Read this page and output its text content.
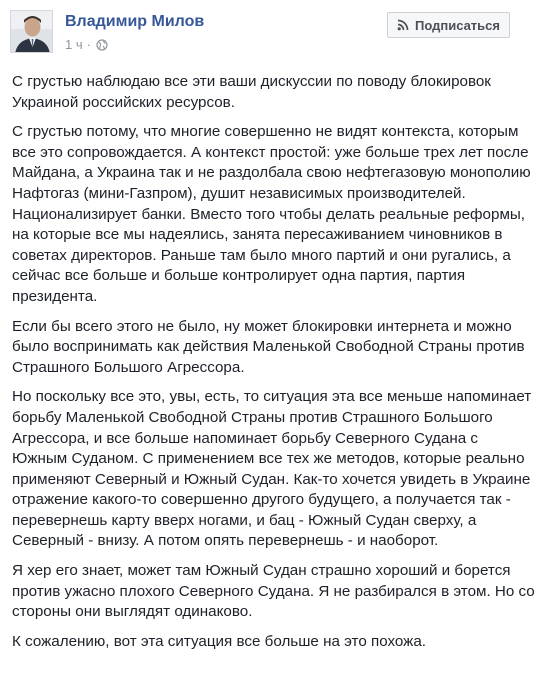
Владимир Милов
1 ч ·
Подписаться

С грустью наблюдаю все эти ваши дискуссии по поводу блокировок Украиной российских ресурсов.

С грустью потому, что многие совершенно не видят контекста, которым все это сопровождается. А контекст простой: уже больше трех лет после Майдана, а Украина так и не раздолбала свою нефтегазовую монополию Нафтогаз (мини-Газпром), душит независимых производителей. Национализирует банки. Вместо того чтобы делать реальные реформы, на которые все мы надеялись, занята пересаживанием чиновников в советах директоров. Раньше там было много партий и они ругались, а сейчас все больше и больше контролирует одна партия, партия президента.

Если бы всего этого не было, ну может блокировки интернета и можно было воспринимать как действия Маленькой Свободной Страны против Страшного Большого Агрессора.

Но поскольку все это, увы, есть, то ситуация эта все меньше напоминает борьбу Маленькой Свободной Страны против Страшного Большого Агрессора, и все больше напоминает борьбу Северного Судана с Южным Суданом. С применением все тех же методов, которые реально применяют Северный и Южный Судан. Как-то хочется увидеть в Украине отражение какого-то совершенно другого будущего, а получается так - перевернешь карту вверх ногами, и бац - Южный Судан сверху, а Северный - внизу. А потом опять перевернешь - и наоборот.

Я хер его знает, может там Южный Судан страшно хороший и борется против ужасно плохого Северного Судана. Я не разбирался в этом. Но со стороны они выглядят одинаково.

К сожалению, вот эта ситуация все больше на это похожа.
